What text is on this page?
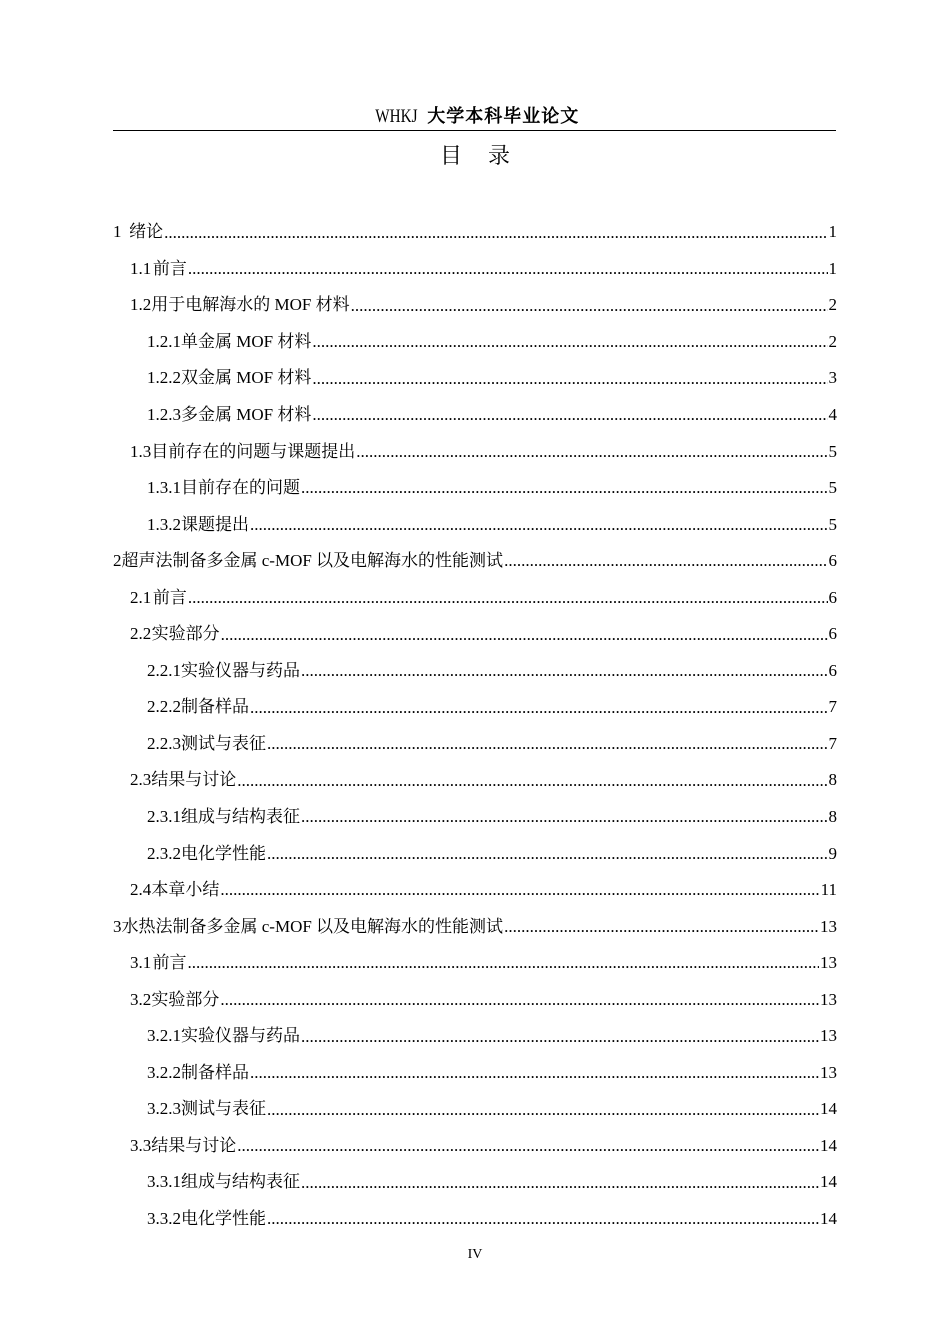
WHKJ 大学本科毕业论文
目录
1 绪论 .....	1
1.1 前言 .....	1
1.2 用于电解海水的 MOF 材料 .....	2
1.2.1 单金属 MOF 材料 .....	2
1.2.2 双金属 MOF 材料 .....	3
1.2.3 多金属 MOF 材料 .....	4
1.3 目前存在的问题与课题提出 .....	5
1.3.1 目前存在的问题 .....	5
1.3.2 课题提出 .....	5
2 超声法制备多金属 c-MOF 以及电解海水的性能测试 .....	6
2.1 前言 .....	6
2.2 实验部分 .....	6
2.2.1 实验仪器与药品 .....	6
2.2.2 制备样品 .....	7
2.2.3 测试与表征 .....	7
2.3 结果与讨论 .....	8
2.3.1 组成与结构表征 .....	8
2.3.2 电化学性能 .....	9
2.4 本章小结 .....	11
3 水热法制备多金属 c-MOF 以及电解海水的性能测试 .....	13
3.1 前言 .....	13
3.2 实验部分 .....	13
3.2.1 实验仪器与药品 .....	13
3.2.2 制备样品 .....	13
3.2.3 测试与表征 .....	14
3.3 结果与讨论 .....	14
3.3.1 组成与结构表征 .....	14
3.3.2 电化学性能 .....	14
IV
